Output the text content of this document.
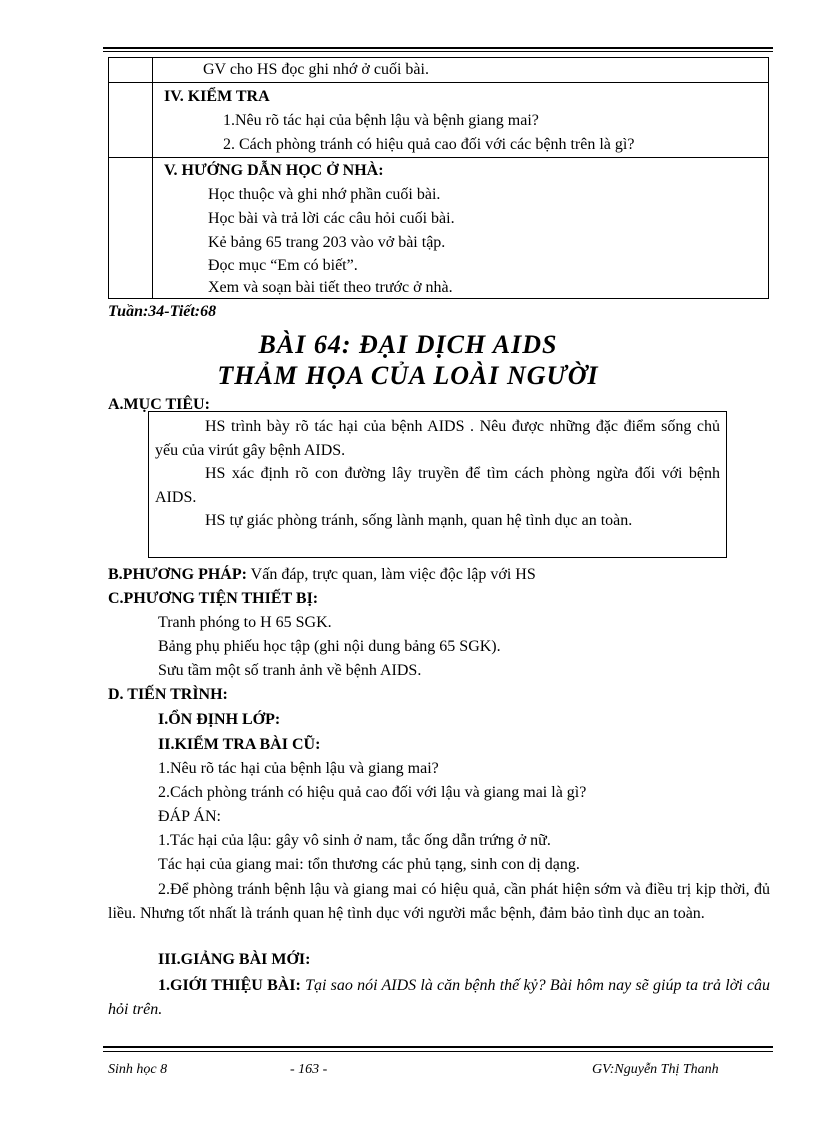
GV cho HS đọc ghi nhớ ở cuối bài.
IV. KIỂM TRA
1.Nêu rõ tác hại của bệnh lậu và bệnh giang mai?
2. Cách phòng tránh có hiệu quả cao đối với các bệnh trên là gì?
V. HƯỚNG DẪN HỌC Ở NHÀ:
Học thuộc và ghi nhớ phần cuối bài.
Học bài và trả lời các câu hỏi cuối bài.
Kẻ bảng 65 trang 203 vào vở bài tập.
Đọc mục “Em có biết”.
Xem và soạn bài tiết theo trước ở nhà.
Tuần:34-Tiết:68
BÀI 64: ĐẠI DỊCH AIDS
THẢM HỌA CỦA LOÀI NGƯỜI
A.MỤC TIÊU:
HS trình bày rõ tác hại của bệnh AIDS . Nêu được những đặc điểm sống chủ yếu của virút gây bệnh AIDS.
HS xác định rõ con đường lây truyền để tìm cách phòng ngừa đối với bệnh AIDS.
HS tự giác phòng tránh, sống lành mạnh, quan hệ tình dục an toàn.
B.PHƯƠNG PHÁP: Vấn đáp, trực quan, làm việc độc lập với HS
C.PHƯƠNG TIỆN THIẾT BỊ:
Tranh phóng to H 65 SGK.
Bảng phụ phiếu học tập (ghi nội dung bảng 65 SGK).
Sưu tầm một số tranh ảnh về bệnh AIDS.
D. TIẾN TRÌNH:
I.ỔN ĐỊNH LỚP:
II.KIỂM TRA BÀI CŨ:
1.Nêu rõ tác hại của bệnh lậu và giang mai?
2.Cách phòng tránh có hiệu quả cao đối với lậu và giang mai là gì?
ĐÁP ÁN:
1.Tác hại của lậu: gây vô sinh ở nam, tắc ống dẫn trứng ở nữ.
Tác hại của giang mai: tổn thương các phủ tạng, sinh con dị dạng.
2.Để phòng tránh bệnh lậu và giang mai có hiệu quả, cần phát hiện sớm và điều trị kịp thời, đủ liều. Nhưng tốt nhất là tránh quan hệ tình dục với người mắc bệnh, đảm bảo tình dục an toàn.
III.GIẢNG BÀI MỚI:
1.GIỚI THIỆU BÀI: Tại sao nói AIDS là căn bệnh thế kỷ? Bài hôm nay sẽ giúp ta trả lời câu hỏi trên.
Sinh học 8	- 163 -	GV:Nguyễn Thị Thanh
